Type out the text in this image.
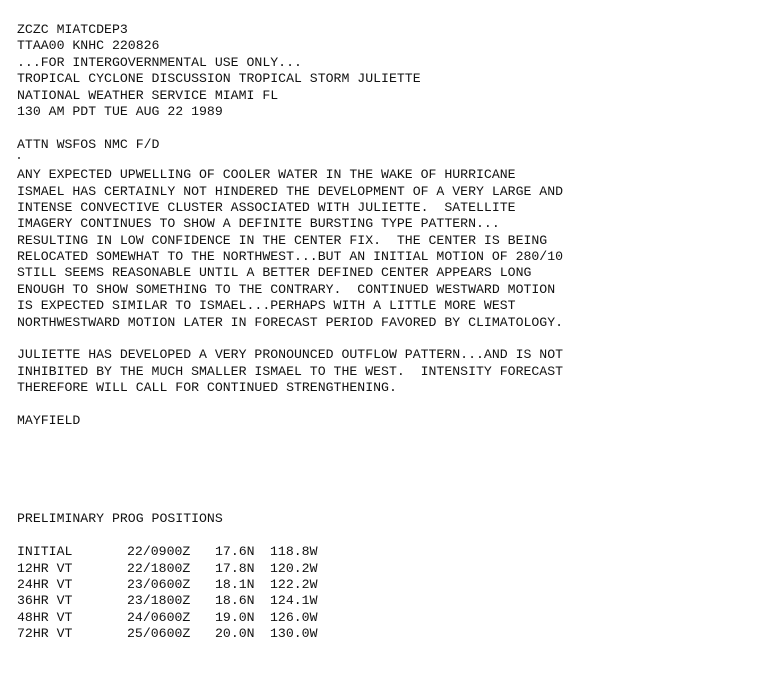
ZCZC MIATCDEP3
TTAA00 KNHC 220826
...FOR INTERGOVERNMENTAL USE ONLY...
TROPICAL CYCLONE DISCUSSION TROPICAL STORM JULIETTE
NATIONAL WEATHER SERVICE MIAMI FL
130 AM PDT TUE AUG 22 1989
ATTN WSFOS NMC F/D
ANY EXPECTED UPWELLING OF COOLER WATER IN THE WAKE OF HURRICANE
ISMAEL HAS CERTAINLY NOT HINDERED THE DEVELOPMENT OF A VERY LARGE AND
INTENSE CONVECTIVE CLUSTER ASSOCIATED WITH JULIETTE.  SATELLITE
IMAGERY CONTINUES TO SHOW A DEFINITE BURSTING TYPE PATTERN...
RESULTING IN LOW CONFIDENCE IN THE CENTER FIX.  THE CENTER IS BEING
RELOCATED SOMEWHAT TO THE NORTHWEST...BUT AN INITIAL MOTION OF 280/10
STILL SEEMS REASONABLE UNTIL A BETTER DEFINED CENTER APPEARS LONG
ENOUGH TO SHOW SOMETHING TO THE CONTRARY.  CONTINUED WESTWARD MOTION
IS EXPECTED SIMILAR TO ISMAEL...PERHAPS WITH A LITTLE MORE WEST
NORTHWESTWARD MOTION LATER IN FORECAST PERIOD FAVORED BY CLIMATOLOGY.
JULIETTE HAS DEVELOPED A VERY PRONOUNCED OUTFLOW PATTERN...AND IS NOT
INHIBITED BY THE MUCH SMALLER ISMAEL TO THE WEST.  INTENSITY FORECAST
THEREFORE WILL CALL FOR CONTINUED STRENGTHENING.
MAYFIELD
PRELIMINARY PROG POSITIONS
INITIAL	22/0900Z	17.6N	118.8W
12HR VT	22/1800Z	17.8N	120.2W
24HR VT	23/0600Z	18.1N	122.2W
36HR VT	23/1800Z	18.6N	124.1W
48HR VT	24/0600Z	19.0N	126.0W
72HR VT	25/0600Z	20.0N	130.0W
